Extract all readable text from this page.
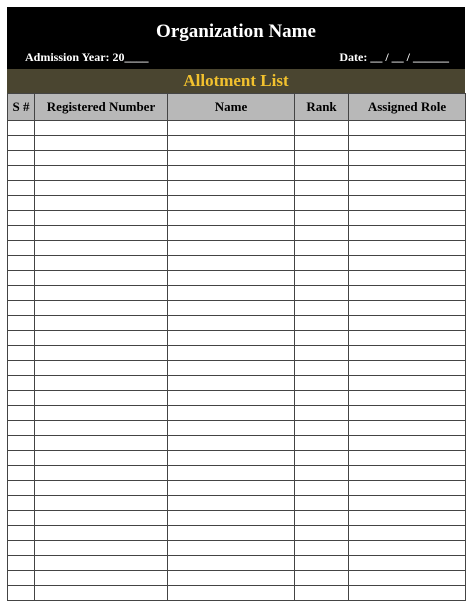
Organization Name
Admission Year: 20____	Date: __ / __ / ______
Allotment List
S #	Registered Number	Name	Rank	Assigned Role
